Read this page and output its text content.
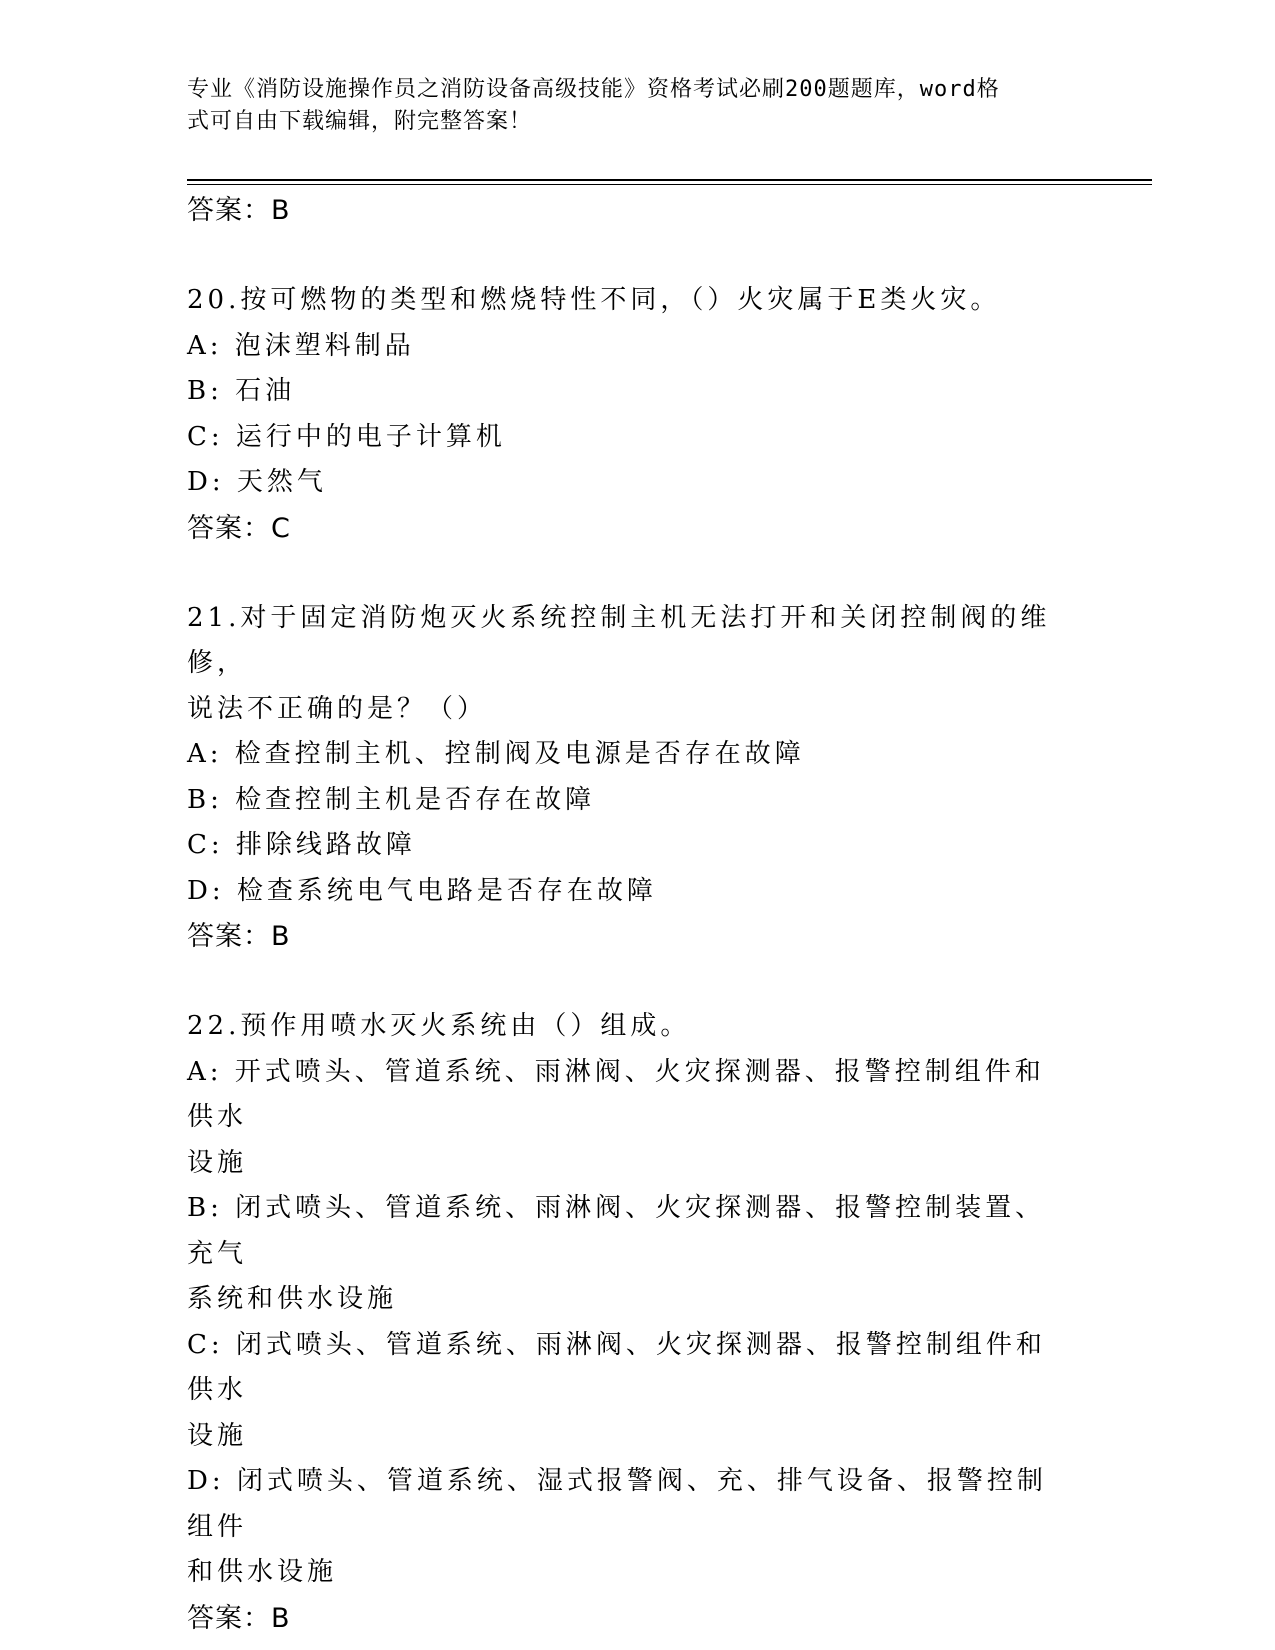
专业《消防设施操作员之消防设备高级技能》资格考试必刷200题题库，word格
式可自由下载编辑，附完整答案！
答案：B
20.按可燃物的类型和燃烧特性不同，（）火灾属于E类火灾。
A: 泡沫塑料制品
B: 石油
C: 运行中的电子计算机
D: 天然气
答案：C
21.对于固定消防炮灭火系统控制主机无法打开和关闭控制阀的维修，
说法不正确的是？（）
A: 检查控制主机、控制阀及电源是否存在故障
B: 检查控制主机是否存在故障
C: 排除线路故障
D: 检查系统电气电路是否存在故障
答案：B
22.预作用喷水灭火系统由（）组成。
A: 开式喷头、管道系统、雨淋阀、火灾探测器、报警控制组件和供水
设施
B: 闭式喷头、管道系统、雨淋阀、火灾探测器、报警控制装置、充气
系统和供水设施
C: 闭式喷头、管道系统、雨淋阀、火灾探测器、报警控制组件和供水
设施
D: 闭式喷头、管道系统、湿式报警阀、充、排气设备、报警控制组件
和供水设施
答案：B
